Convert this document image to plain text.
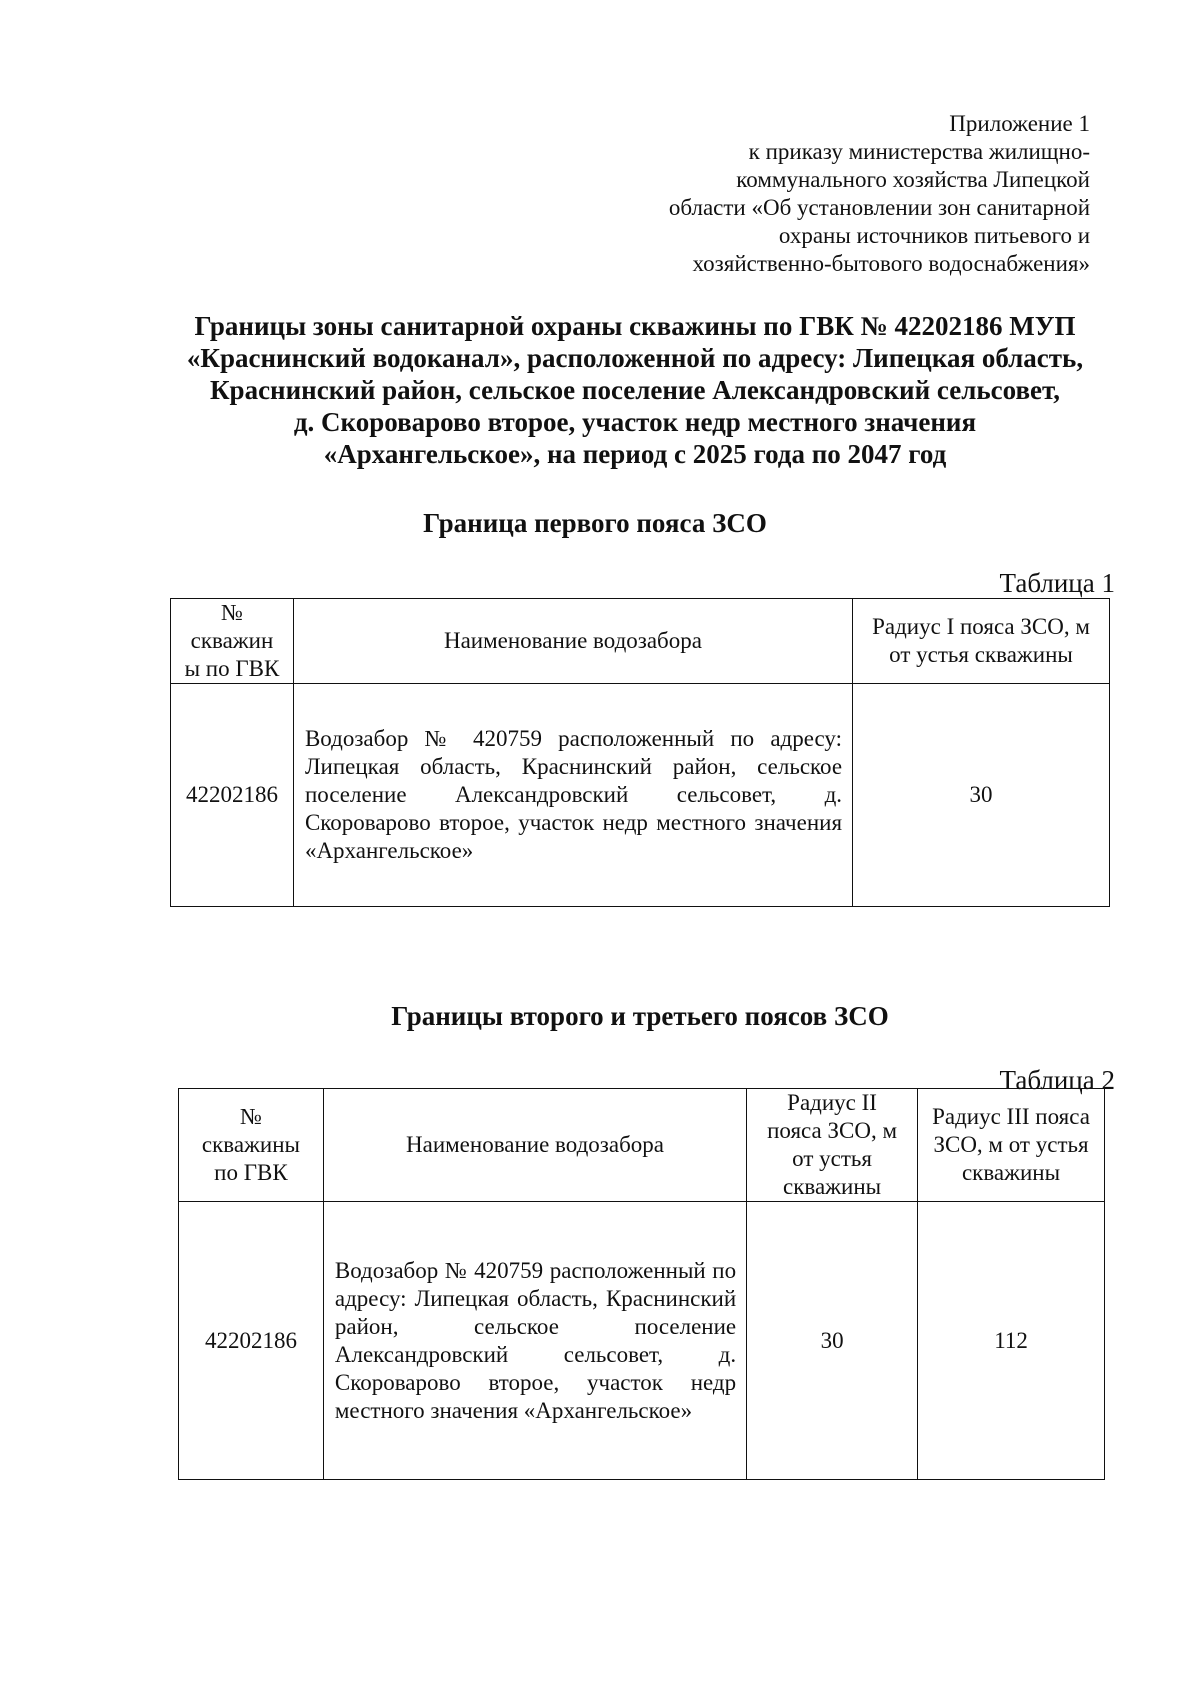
Приложение 1
к приказу министерства жилищно-
коммунального хозяйства Липецкой
области «Об установлении зон санитарной
охраны источников питьевого и
хозяйственно-бытового водоснабжения»
Границы зоны санитарной охраны скважины по ГВК № 42202186 МУП
«Краснинский водоканал», расположенной по адресу: Липецкая область,
Краснинский район, сельское поселение Александровский сельсовет,
д. Скороварово второе, участок недр местного значения
«Архангельское», на период с 2025 года по 2047 год
Граница первого пояса ЗСО
Таблица 1
№ скважин ы по ГВК	Наименование водозабора	Радиус I пояса ЗСО, м от устья скважины
42202186	Водозабор № 420759 расположенный по адресу: Липецкая область, Краснинский район, сельское поселение Александровский сельсовет, д. Скороварово второе, участок недр местного значения «Архангельское»	30
Границы второго и третьего поясов ЗСО
Таблица 2
№ скважины по ГВК	Наименование водозабора	Радиус II пояса ЗСО, м от устья скважины	Радиус III пояса ЗСО, м от устья скважины
42202186	Водозабор № 420759 расположенный по адресу: Липецкая область, Краснинский район, сельское поселение Александровский сельсовет, д. Скороварово второе, участок недр местного значения «Архангельское»	30	112
